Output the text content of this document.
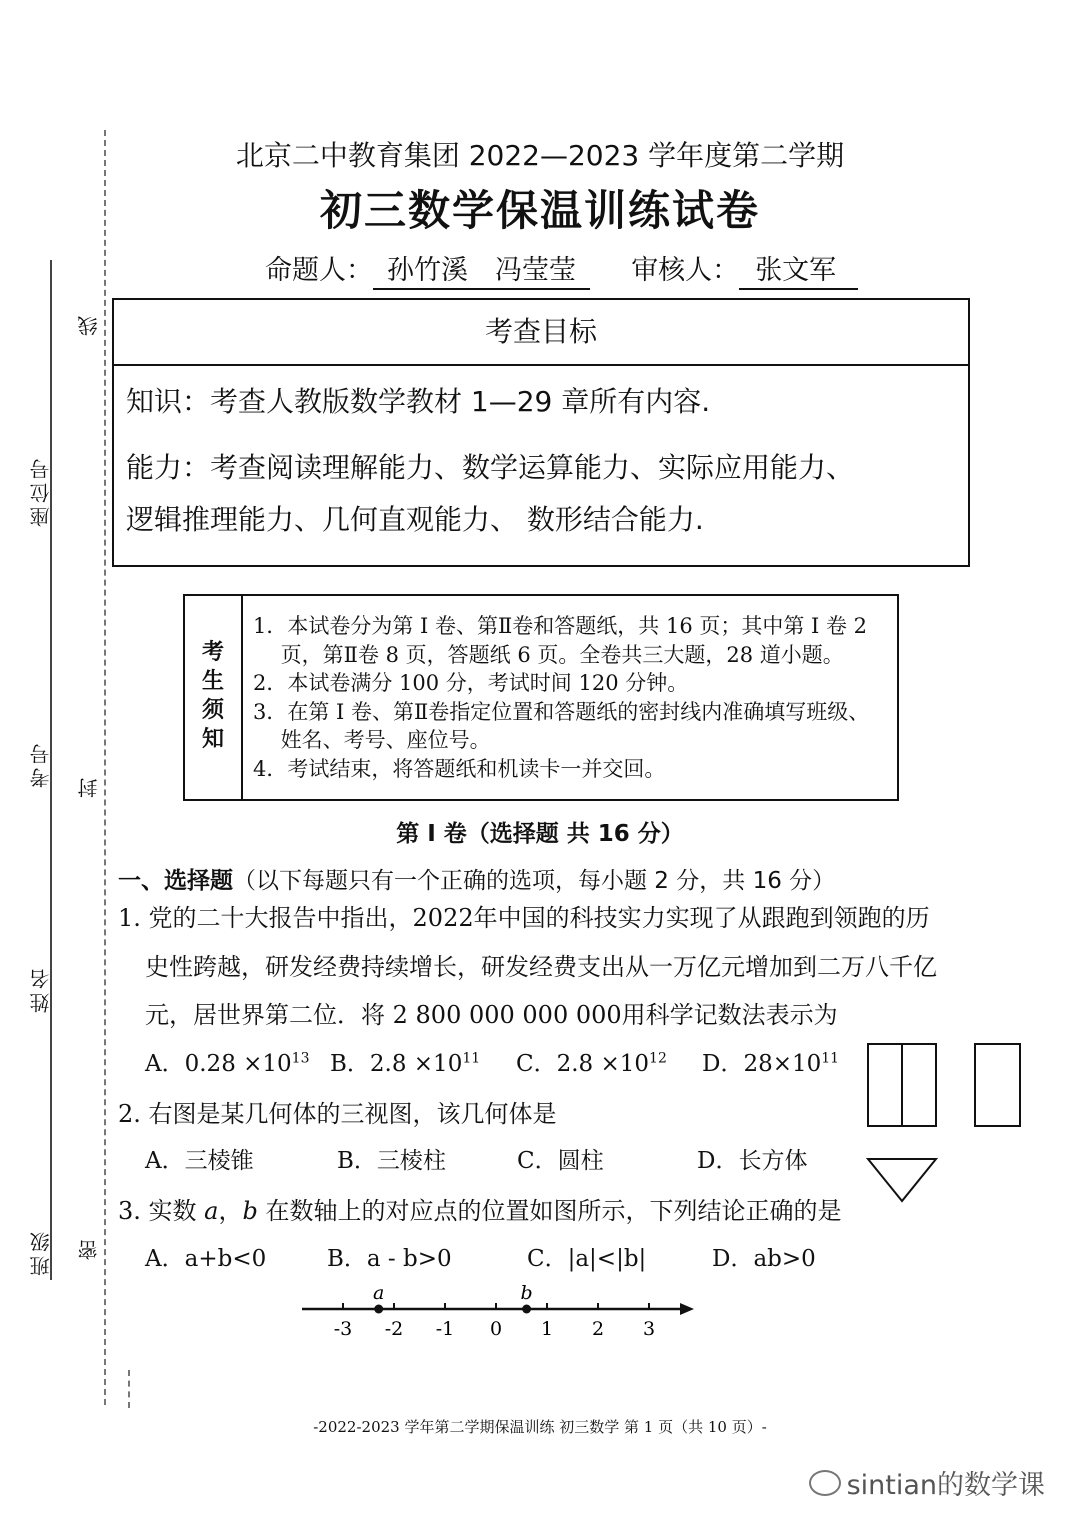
座位号
考号
姓名
班级
线
封
密
北京二中教育集团 2022—2023 学年度第二学期
初三数学保温训练试卷
命题人： 孙竹溪　冯莹莹 审核人： 张文军
考查目标
知识：考查人教版数学教材 1—29 章所有内容.
能力：考查阅读理解能力、数学运算能力、实际应用能力、
逻辑推理能力、几何直观能力、 数形结合能力.
考
生
须
知
1．本试卷分为第 I 卷、第Ⅱ卷和答题纸，共 16 页；其中第 I 卷 2
　 页，第Ⅱ卷 8 页，答题纸 6 页。全卷共三大题，28 道小题。
2．本试卷满分 100 分，考试时间 120 分钟。
3．在第 I 卷、第Ⅱ卷指定位置和答题纸的密封线内准确填写班级、
　 姓名、考号、座位号。
4．考试结束，将答题纸和机读卡一并交回。
第 I 卷（选择题 共 16 分）
一、选择题（以下每题只有一个正确的选项，每小题 2 分，共 16 分）
1. 党的二十大报告中指出，2022年中国的科技实力实现了从跟跑到领跑的历
史性跨越，研发经费持续增长，研发经费支出从一万亿元增加到二万八千亿
元，居世界第二位．将 2 800 000 000 000用科学记数法表示为
A．$0.28 \times 10^{13}$ B．$2.8 \times 10^{11}$ C．$2.8 \times 10^{12}$ D．$28\times 10^{11}$
2. 右图是某几何体的三视图，该几何体是
A．三棱锥	B．三棱柱	C．圆柱	D．长方体
3. 实数 a，b 在数轴上的对应点的位置如图所示，下列结论正确的是
A．a+b<0	B．a - b>0	C．|a|<|b|	D．ab>0
-3 -2 -1 0 1 2 3
a	b
-2022-2023 学年第二学期保温训练 初三数学 第 1 页（共 10 页）-
sintian的数学课
